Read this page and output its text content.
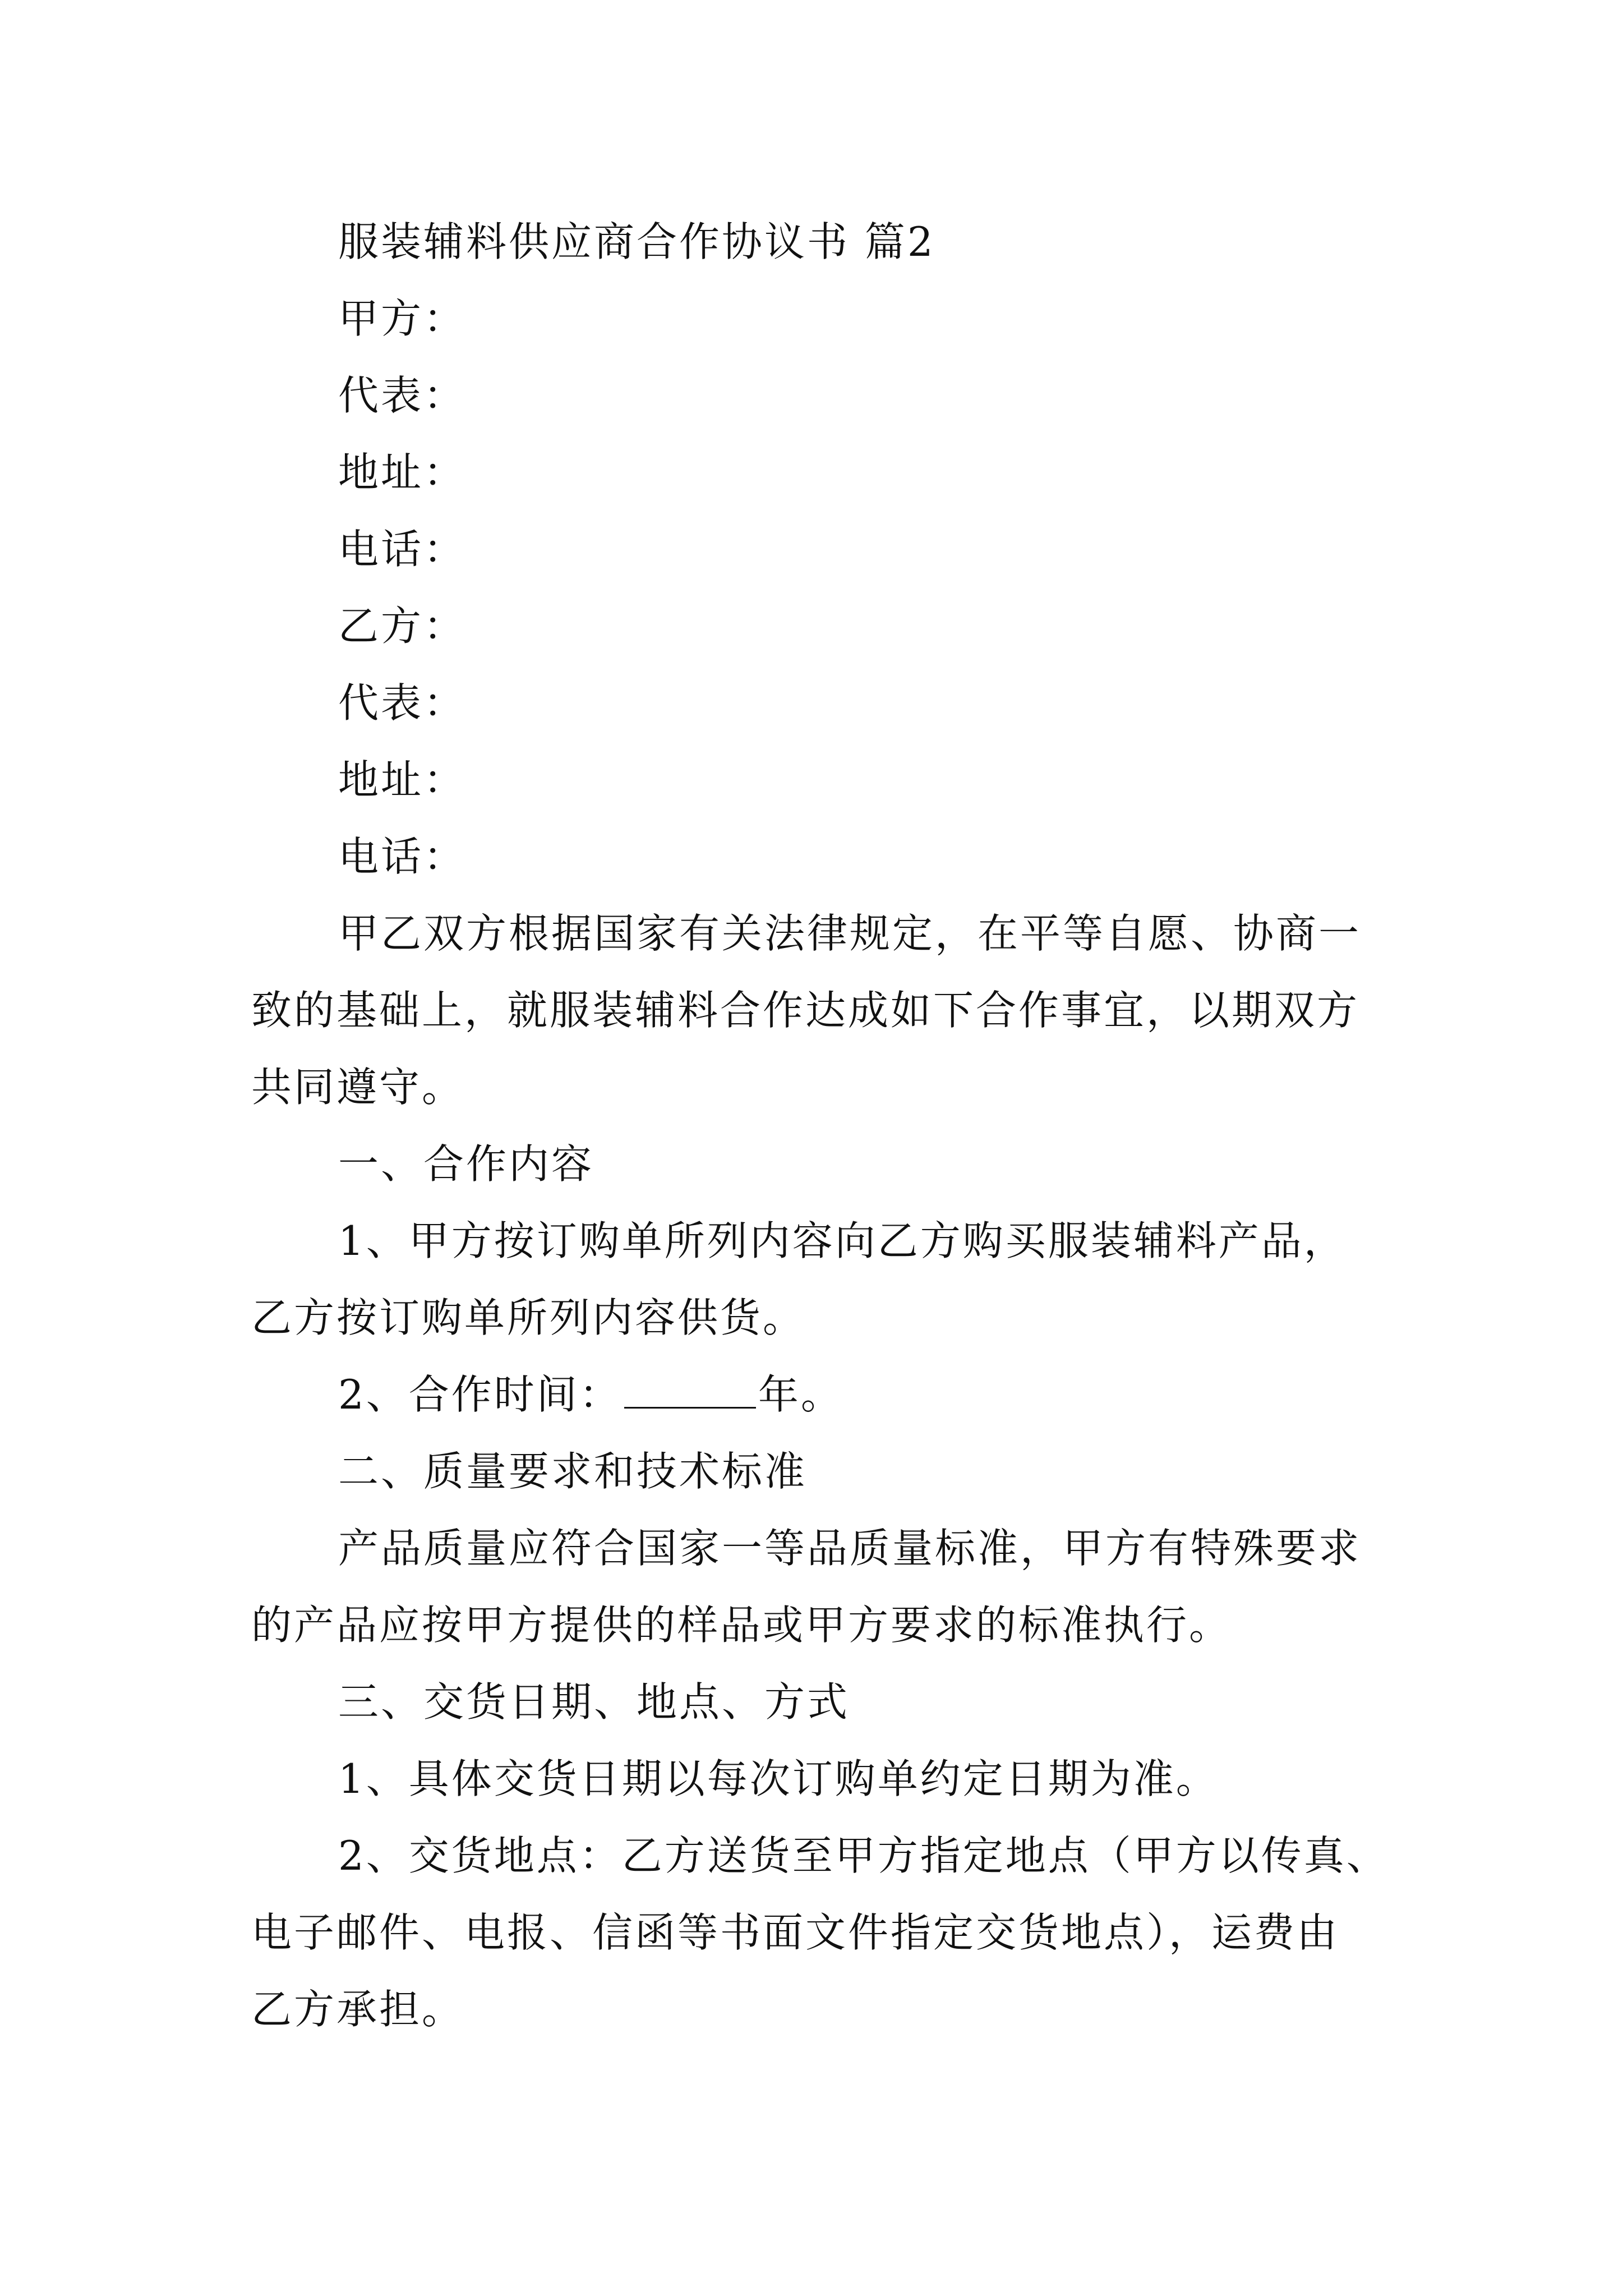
服装辅料供应商合作协议书 篇2
甲方：
代表：
地址：
电话：
乙方：
代表：
地址：
电话：
甲乙双方根据国家有关法律规定，在平等自愿、协商一
致的基础上，就服装辅料合作达成如下合作事宜，以期双方
共同遵守。
一、合作内容
1、甲方按订购单所列内容向乙方购买服装辅料产品，
乙方按订购单所列内容供货。
2、合作时间：	年。
二、质量要求和技术标准
产品质量应符合国家一等品质量标准，甲方有特殊要求
的产品应按甲方提供的样品或甲方要求的标准执行。
三、交货日期、地点、方式
1、具体交货日期以每次订购单约定日期为准。
2、交货地点：乙方送货至甲方指定地点（甲方以传真、
电子邮件、电报、信函等书面文件指定交货地点），运费由
乙方承担。
